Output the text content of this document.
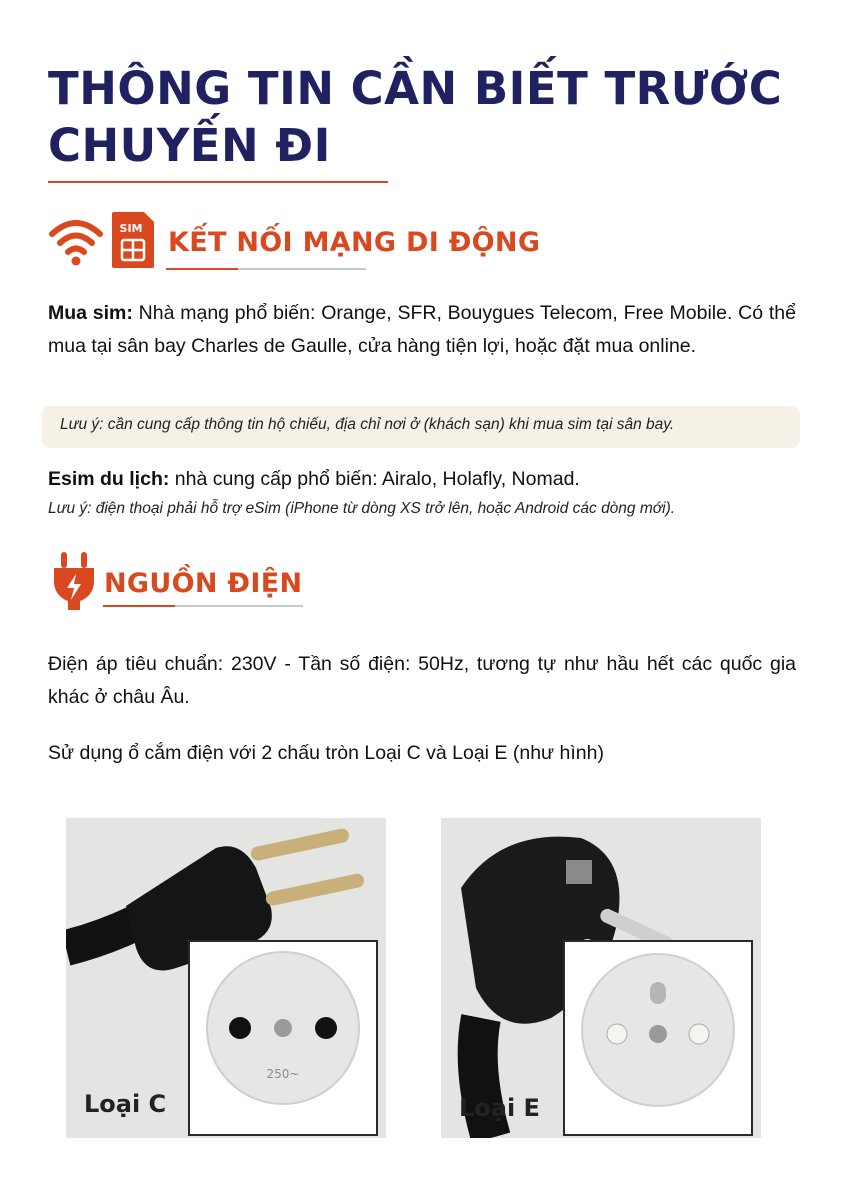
THÔNG TIN CẦN BIẾT TRƯỚC
CHUYẾN ĐI
SIM KẾT NỐI MẠNG DI ĐỘNG

Mua sim: Nhà mạng phổ biến: Orange, SFR, Bouygues Telecom, Free Mobile. Có thể mua tại sân bay Charles de Gaulle, cửa hàng tiện lợi, hoặc đặt mua online.

Lưu ý: cần cung cấp thông tin hộ chiếu, địa chỉ nơi ở (khách sạn) khi mua sim tại sân bay.

Esim du lịch: nhà cung cấp phổ biến: Airalo, Holafly, Nomad.

Lưu ý: điện thoại phải hỗ trợ eSim (iPhone từ dòng XS trở lên, hoặc Android các dòng mới).
NGUỒN ĐIỆN

Điện áp tiêu chuẩn: 230V - Tần số điện: 50Hz, tương tự như hầu hết các quốc gia khác ở châu Âu.

Sử dụng ổ cắm điện với 2 chấu tròn Loại C và Loại E (như hình)

250~
Loại C	Loại E
